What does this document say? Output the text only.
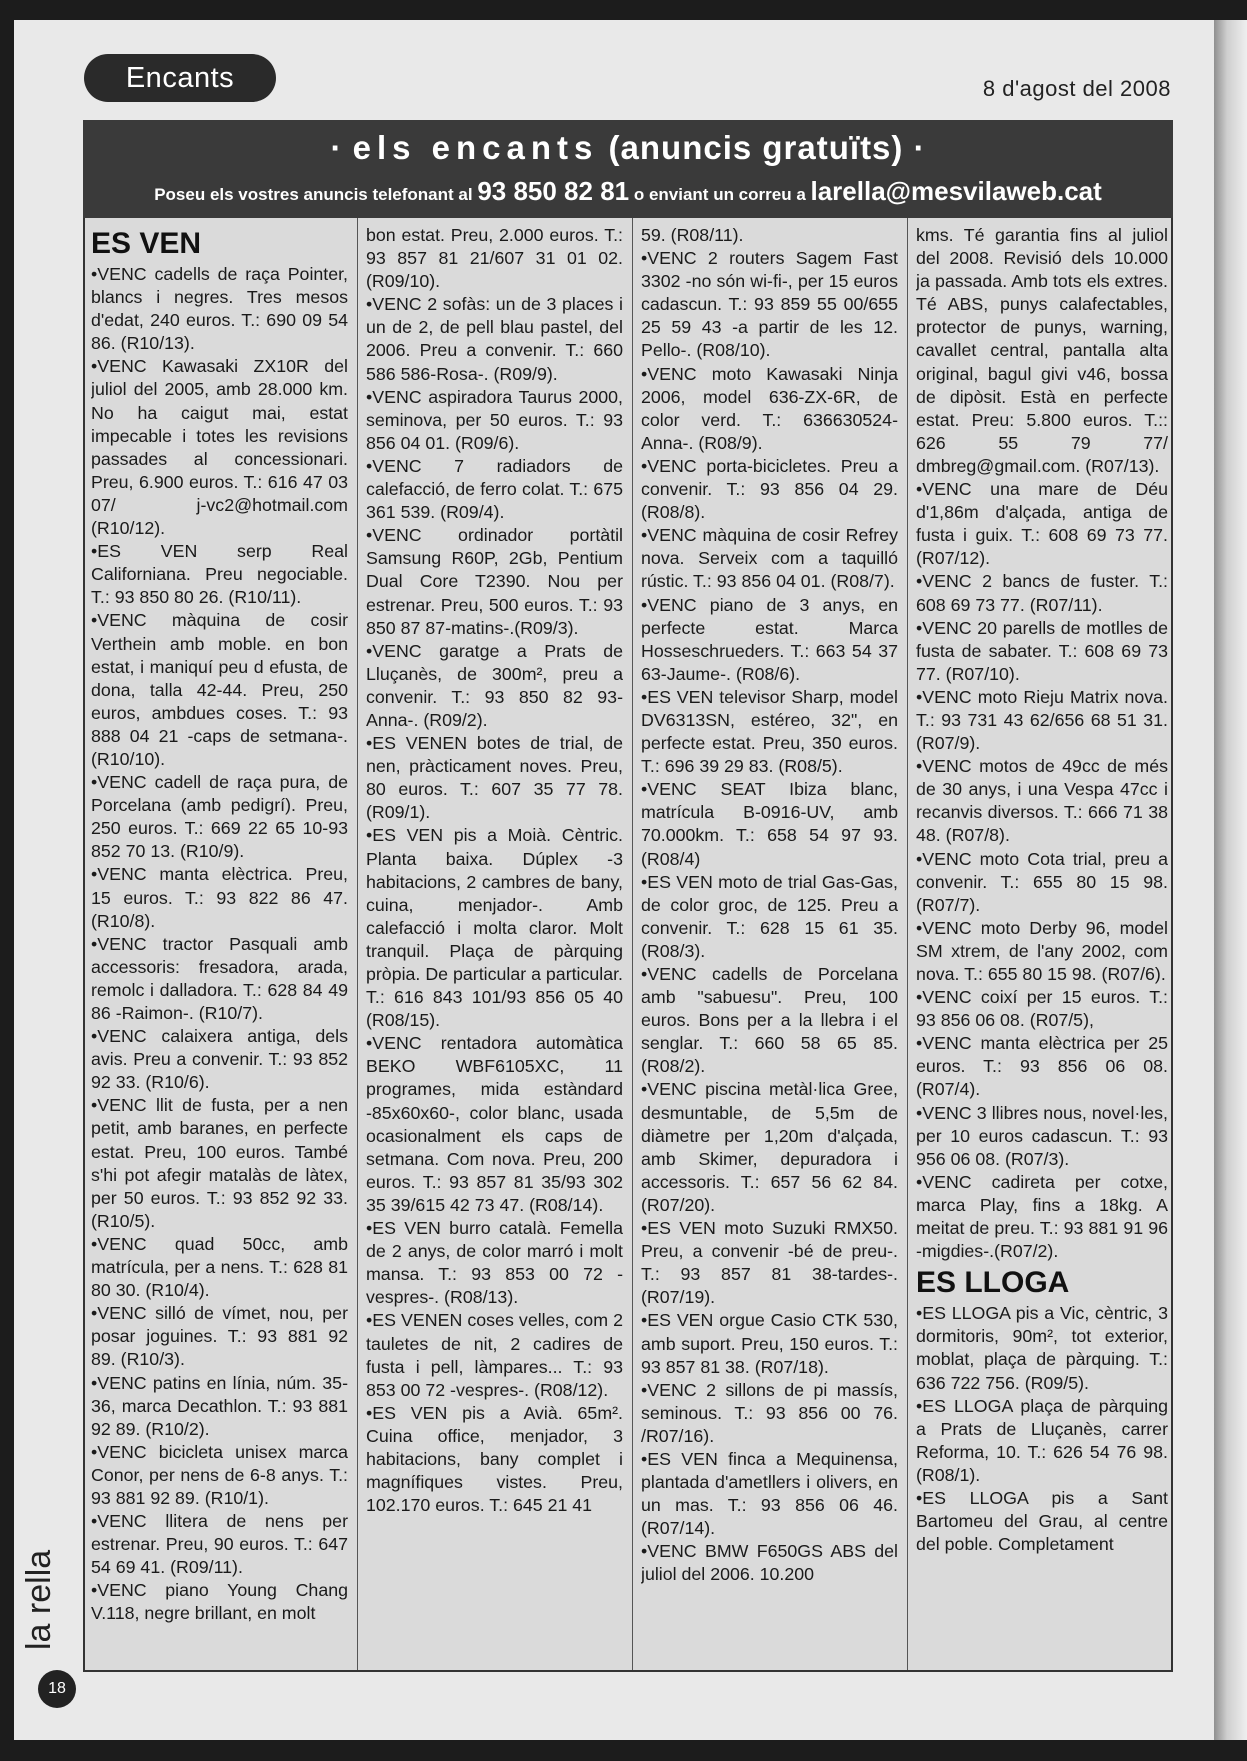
Encants	8 d'agost del 2008
· els encants (anuncis gratuïts) ·
Poseu els vostres anuncis telefonant al 93 850 82 81 o enviant un correu a larella@mesvilaweb.cat
ES VEN

•VENC cadells de raça Pointer, blancs i negres. Tres mesos d'edat, 240 euros. T.: 690 09 54 86. (R10/13).

•VENC Kawasaki ZX10R del juliol del 2005, amb 28.000 km. No ha caigut mai, estat impecable i totes les revisions passades al concessionari. Preu, 6.900 euros. T.: 616 47 03 07/ j-vc2@hotmail.com (R10/12).

•ES VEN serp Real Californiana. Preu negociable. T.: 93 850 80 26. (R10/11).

•VENC màquina de cosir Verthein amb moble. en bon estat, i maniquí peu d efusta, de dona, talla 42-44. Preu, 250 euros, ambdues coses. T.: 93 888 04 21 -caps de setmana-. (R10/10).

•VENC cadell de raça pura, de Porcelana (amb pedigrí). Preu, 250 euros. T.: 669 22 65 10-93 852 70 13. (R10/9).

•VENC manta elèctrica. Preu, 15 euros. T.: 93 822 86 47. (R10/8).

•VENC tractor Pasquali amb accessoris: fresadora, arada, remolc i dalladora. T.: 628 84 49 86 -Raimon-. (R10/7).

•VENC calaixera antiga, dels avis. Preu a convenir. T.: 93 852 92 33. (R10/6).

•VENC llit de fusta, per a nen petit, amb baranes, en perfecte estat. Preu, 100 euros. També s'hi pot afegir matalàs de làtex, per 50 euros. T.: 93 852 92 33. (R10/5).

•VENC quad 50cc, amb matrícula, per a nens. T.: 628 81 80 30. (R10/4).

•VENC silló de vímet, nou, per posar joguines. T.: 93 881 92 89. (R10/3).

•VENC patins en línia, núm. 35-36, marca Decathlon. T.: 93 881 92 89. (R10/2).

•VENC bicicleta unisex marca Conor, per nens de 6-8 anys. T.: 93 881 92 89. (R10/1).

•VENC llitera de nens per estrenar. Preu, 90 euros. T.: 647 54 69 41. (R09/11).

•VENC piano Young Chang V.118, negre brillant, en molt

bon estat. Preu, 2.000 euros. T.: 93 857 81 21/607 31 01 02. (R09/10).

•VENC 2 sofàs: un de 3 places i un de 2, de pell blau pastel, del 2006. Preu a convenir. T.: 660 586 586-Rosa-. (R09/9).

•VENC aspiradora Taurus 2000, seminova, per 50 euros. T.: 93 856 04 01. (R09/6).

•VENC 7 radiadors de calefacció, de ferro colat. T.: 675 361 539. (R09/4).

•VENC ordinador portàtil Samsung R60P, 2Gb, Pentium Dual Core T2390. Nou per estrenar. Preu, 500 euros. T.: 93 850 87 87-matins-.(R09/3).

•VENC garatge a Prats de Lluçanès, de 300m², preu a convenir. T.: 93 850 82 93-Anna-. (R09/2).

•ES VENEN botes de trial, de nen, pràcticament noves. Preu, 80 euros. T.: 607 35 77 78. (R09/1).

•ES VEN pis a Moià. Cèntric. Planta baixa. Dúplex -3 habitacions, 2 cambres de bany, cuina, menjador-. Amb calefacció i molta claror. Molt tranquil. Plaça de pàrquing pròpia. De particular a particular. T.: 616 843 101/93 856 05 40 (R08/15).

•VENC rentadora automàtica BEKO WBF6105XC, 11 programes, mida estàndard -85x60x60-, color blanc, usada ocasionalment els caps de setmana. Com nova. Preu, 200 euros. T.: 93 857 81 35/93 302 35 39/615 42 73 47. (R08/14).

•ES VEN burro català. Femella de 2 anys, de color marró i molt mansa. T.: 93 853 00 72 -vespres-. (R08/13).

•ES VENEN coses velles, com 2 tauletes de nit, 2 cadires de fusta i pell, làmpares... T.: 93 853 00 72 -vespres-. (R08/12).

•ES VEN pis a Avià. 65m². Cuina office, menjador, 3 habitacions, bany complet i magnífiques vistes. Preu, 102.170 euros. T.: 645 21 41

59. (R08/11).

•VENC 2 routers Sagem Fast 3302 -no són wi-fi-, per 15 euros cadascun. T.: 93 859 55 00/655 25 59 43 -a partir de les 12. Pello-. (R08/10).

•VENC moto Kawasaki Ninja 2006, model 636-ZX-6R, de color verd. T.: 636630524-Anna-. (R08/9).

•VENC porta-bicicletes. Preu a convenir. T.: 93 856 04 29. (R08/8).

•VENC màquina de cosir Refrey nova. Serveix com a taquilló rústic. T.: 93 856 04 01. (R08/7).

•VENC piano de 3 anys, en perfecte estat. Marca Hosseschrueders. T.: 663 54 37 63-Jaume-. (R08/6).

•ES VEN televisor Sharp, model DV6313SN, estéreo, 32", en perfecte estat. Preu, 350 euros. T.: 696 39 29 83. (R08/5).

•VENC SEAT Ibiza blanc, matrícula B-0916-UV, amb 70.000km. T.: 658 54 97 93. (R08/4)

•ES VEN moto de trial Gas-Gas, de color groc, de 125. Preu a convenir. T.: 628 15 61 35. (R08/3).

•VENC cadells de Porcelana amb "sabuesu". Preu, 100 euros. Bons per a la llebra i el senglar. T.: 660 58 65 85. (R08/2).

•VENC piscina metàl·lica Gree, desmuntable, de 5,5m de diàmetre per 1,20m d'alçada, amb Skimer, depuradora i accessoris. T.: 657 56 62 84. (R07/20).

•ES VEN moto Suzuki RMX50. Preu, a convenir -bé de preu-. T.: 93 857 81 38-tardes-. (R07/19).

•ES VEN orgue Casio CTK 530, amb suport. Preu, 150 euros. T.: 93 857 81 38. (R07/18).

•VENC 2 sillons de pi massís, seminous. T.: 93 856 00 76. /R07/16).

•ES VEN finca a Mequinensa, plantada d'ametllers i olivers, en un mas. T.: 93 856 06 46. (R07/14).

•VENC BMW F650GS ABS del juliol del 2006. 10.200

kms. Té garantia fins al juliol del 2008. Revisió dels 10.000 ja passada. Amb tots els extres. Té ABS, punys calafectables, protector de punys, warning, cavallet central, pantalla alta original, bagul givi v46, bossa de dipòsit. Està en perfecte estat. Preu: 5.800 euros. T.:: 626 55 79 77/ dmbreg@gmail.com. (R07/13).

•VENC una mare de Déu d'1,86m d'alçada, antiga de fusta i guix. T.: 608 69 73 77. (R07/12).

•VENC 2 bancs de fuster. T.: 608 69 73 77. (R07/11).

•VENC 20 parells de motlles de fusta de sabater. T.: 608 69 73 77. (R07/10).

•VENC moto Rieju Matrix nova. T.: 93 731 43 62/656 68 51 31. (R07/9).

•VENC motos de 49cc de més de 30 anys, i una Vespa 47cc i recanvis diversos. T.: 666 71 38 48. (R07/8).

•VENC moto Cota trial, preu a convenir. T.: 655 80 15 98. (R07/7).

•VENC moto Derby 96, model SM xtrem, de l'any 2002, com nova. T.: 655 80 15 98. (R07/6).

•VENC coixí per 15 euros. T.: 93 856 06 08. (R07/5),

•VENC manta elèctrica per 25 euros. T.: 93 856 06 08. (R07/4).

•VENC 3 llibres nous, novel·les, per 10 euros cadascun. T.: 93 956 06 08. (R07/3).

•VENC cadireta per cotxe, marca Play, fins a 18kg. A meitat de preu. T.: 93 881 91 96 -migdies-.(R07/2).

ES LLOGA

•ES LLOGA pis a Vic, cèntric, 3 dormitoris, 90m², tot exterior, moblat, plaça de pàrquing. T.: 636 722 756. (R09/5).

•ES LLOGA plaça de pàrquing a Prats de Lluçanès, carrer Reforma, 10. T.: 626 54 76 98. (R08/1).

•ES LLOGA pis a Sant Bartomeu del Grau, al centre del poble. Completament

la rella
18
